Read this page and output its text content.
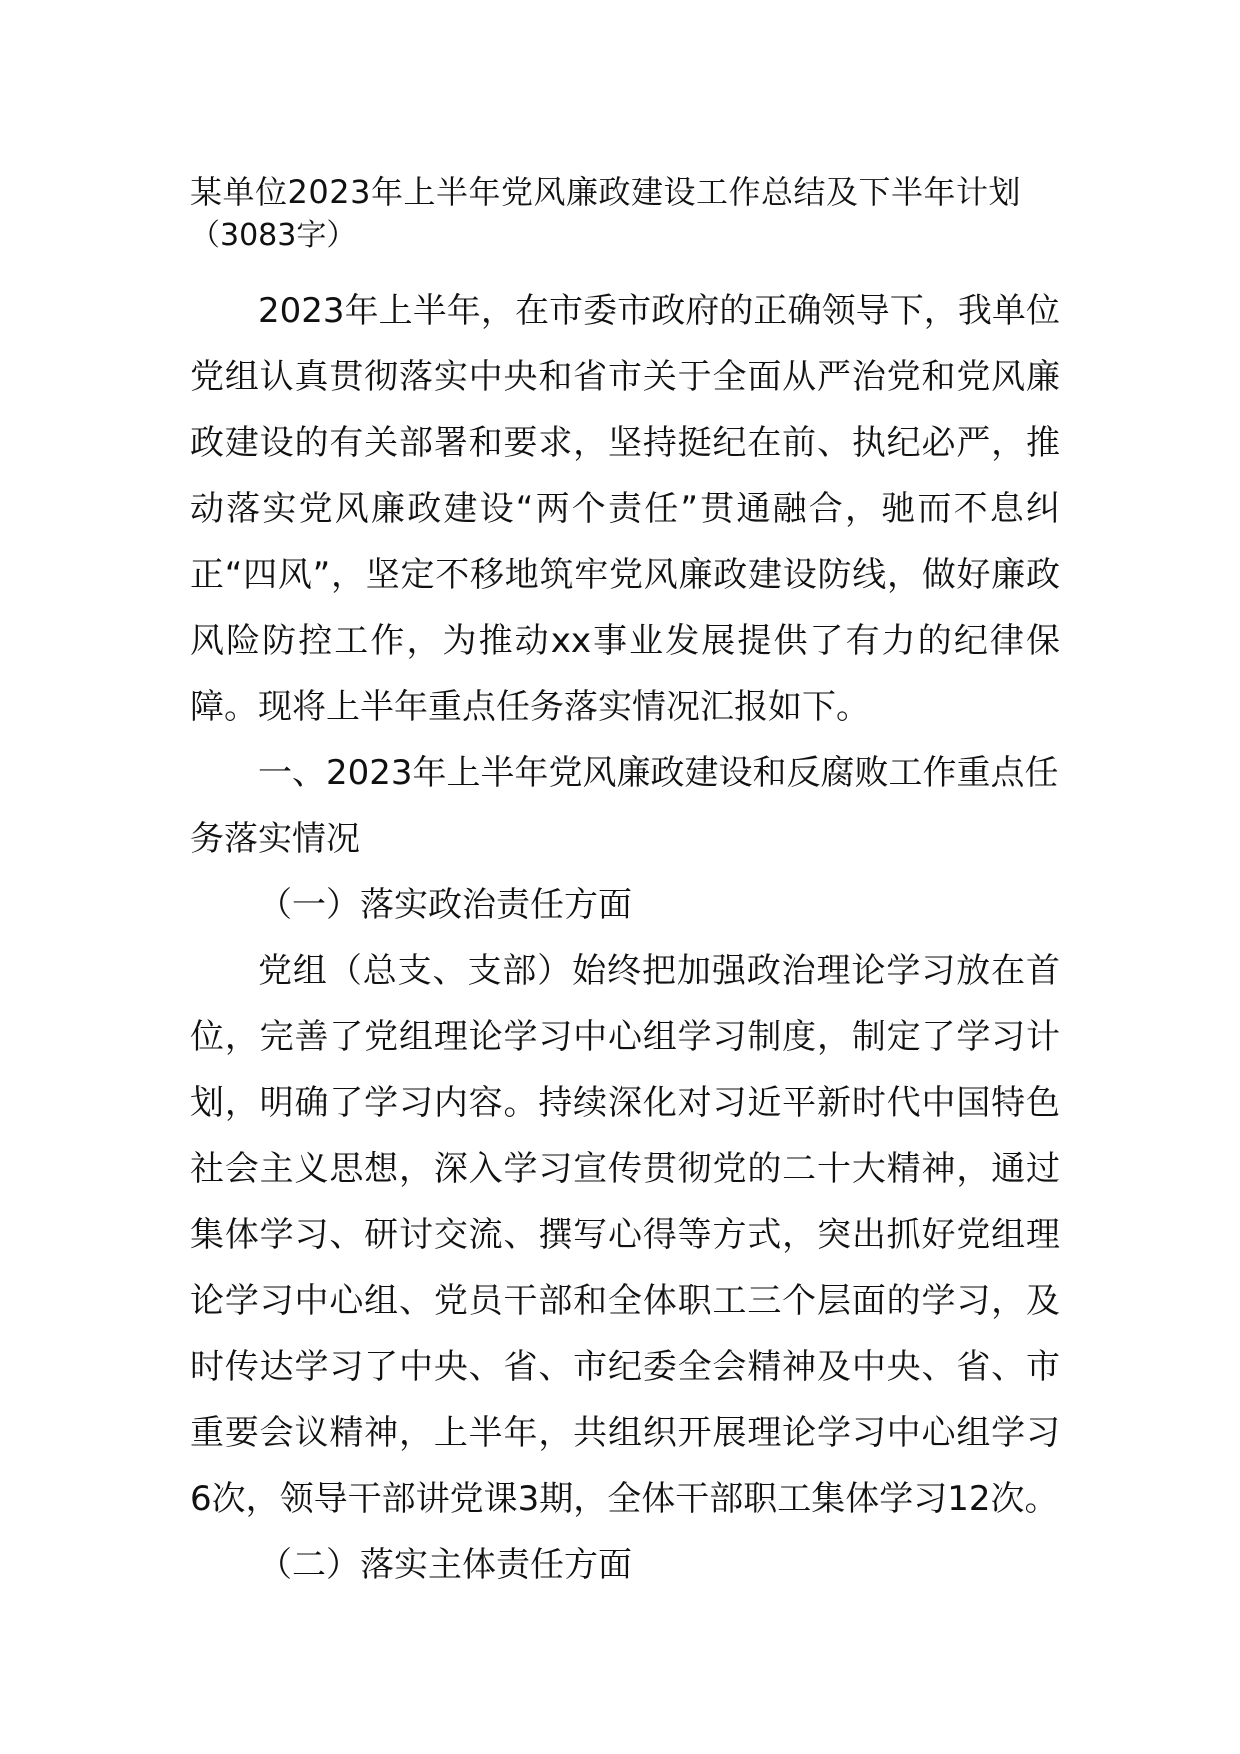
某单位2023年上半年党风廉政建设工作总结及下半年计划

（3083字）

2023年上半年，在市委市政府的正确领导下，我单位党组认真贯彻落实中央和省市关于全面从严治党和党风廉政建设的有关部署和要求，坚持挺纪在前、执纪必严，推动落实党风廉政建设“两个责任”贯通融合，驰而不息纠正“四风”，坚定不移地筑牢党风廉政建设防线，做好廉政风险防控工作，为推动xx事业发展提供了有力的纪律保障。现将上半年重点任务落实情况汇报如下。

一、2023年上半年党风廉政建设和反腐败工作重点任务落实情况
（一）落实政治责任方面

党组（总支、支部）始终把加强政治理论学习放在首位，完善了党组理论学习中心组学习制度，制定了学习计划，明确了学习内容。持续深化对习近平新时代中国特色社会主义思想，深入学习宣传贯彻党的二十大精神，通过集体学习、研讨交流、撰写心得等方式，突出抓好党组理论学习中心组、党员干部和全体职工三个层面的学习，及时传达学习了中央、省、市纪委全会精神及中央、省、市重要会议精神，上半年，共组织开展理论学习中心组学习6次，领导干部讲党课3期，全体干部职工集体学习12次。

（二）落实主体责任方面
